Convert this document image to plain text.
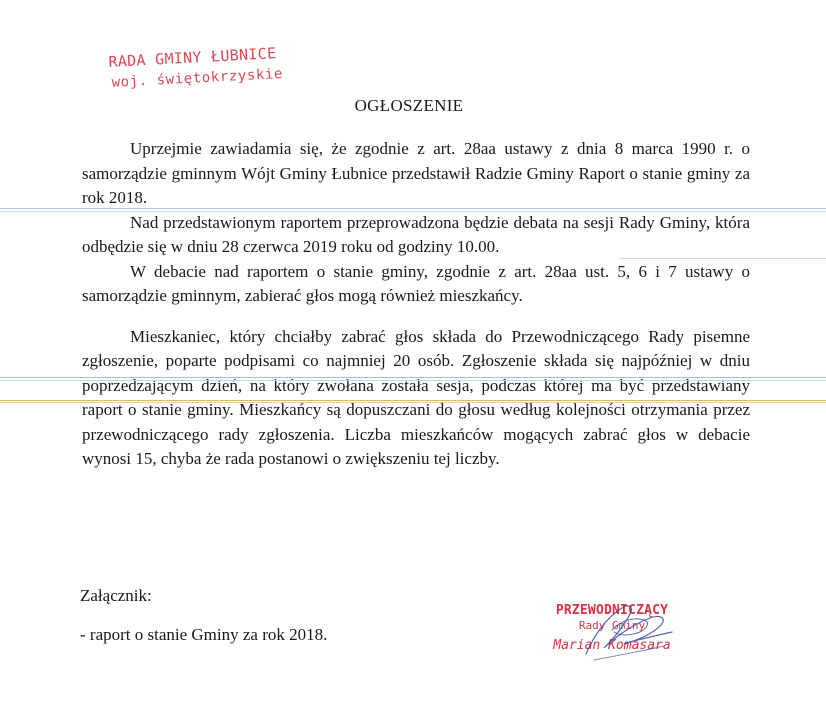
RADA GMINY ŁUBNICE
woj. świętokrzyskie
OGŁOSZENIE

Uprzejmie zawiadamia się, że zgodnie z art. 28aa ustawy z dnia 8 marca 1990 r. o samorządzie gminnym Wójt Gminy Łubnice przedstawił Radzie Gminy Raport o stanie gminy za rok 2018.

Nad przedstawionym raportem przeprowadzona będzie debata na sesji Rady Gminy, która odbędzie się w dniu 28 czerwca 2019 roku od godziny 10.00.

W debacie nad raportem o stanie gminy, zgodnie z art. 28aa ust. 5, 6 i 7 ustawy o samorządzie gminnym, zabierać głos mogą również mieszkańcy.

Mieszkaniec, który chciałby zabrać głos składa do Przewodniczącego Rady pisemne zgłoszenie, poparte podpisami co najmniej 20 osób. Zgłoszenie składa się najpóźniej w dniu poprzedzającym dzień, na który zwołana została sesja, podczas której ma być przedstawiany raport o stanie gminy. Mieszkańcy są dopuszczani do głosu według kolejności otrzymania przez przewodniczącego rady zgłoszenia. Liczba mieszkańców mogących zabrać głos w debacie wynosi 15, chyba że rada postanowi o zwiększeniu tej liczby.

Załącznik:
- raport o stanie Gminy za rok 2018.
PRZEWODNICZĄCY
Rady Gminy
Marian Komasara
